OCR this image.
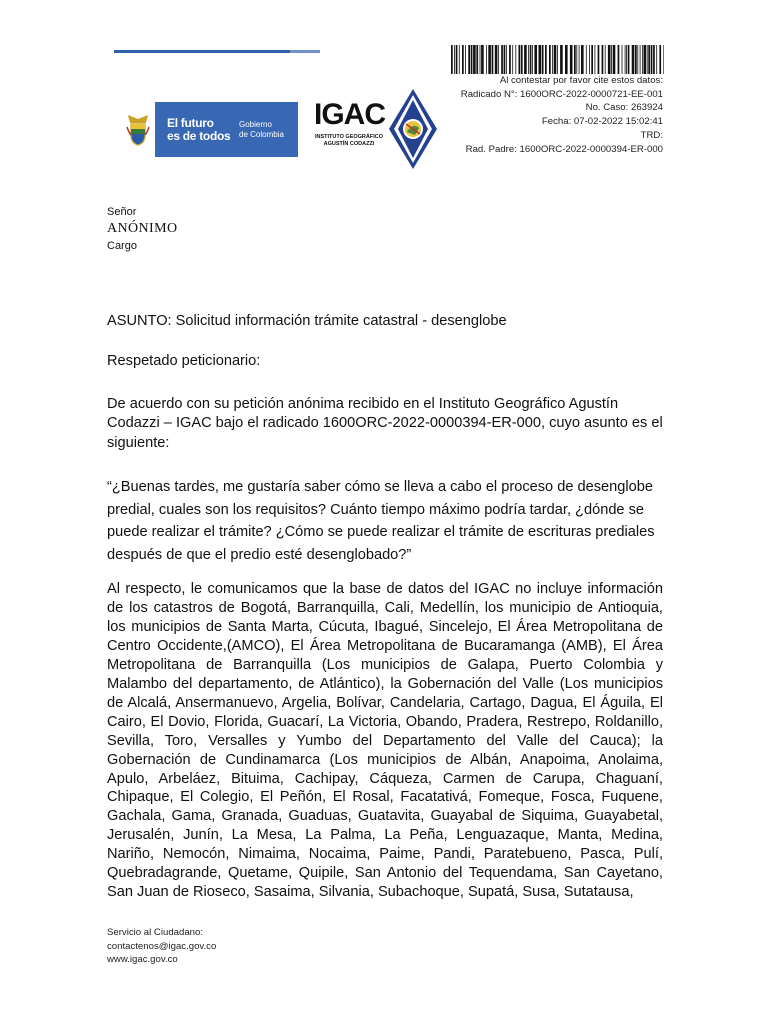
Al contestar por favor cite estos datos:
Radicado N°: 1600ORC-2022-0000721-EE-001
No. Caso: 263924
Fecha: 07-02-2022 15:02:41
TRD:
Rad. Padre: 1600ORC-2022-0000394-ER-000
El futuro
es de todos
Gobierno
de Colombia
IGAC
INSTITUTO GEOGRÁFICO
AGUSTÍN CODAZZI
Señor
ANÓNIMO
Cargo

ASUNTO: Solicitud información trámite catastral - desenglobe

Respetado peticionario:

De acuerdo con su petición anónima recibido en el Instituto Geográfico Agustín Codazzi – IGAC bajo el radicado 1600ORC-2022-0000394-ER-000, cuyo asunto es el siguiente:

“¿Buenas tardes, me gustaría saber cómo se lleva a cabo el proceso de desenglobe predial, cuales son los requisitos? Cuánto tiempo máximo podría tardar, ¿dónde se puede realizar el trámite? ¿Cómo se puede realizar el trámite de escrituras prediales después de que el predio esté desenglobado?”

Al respecto, le comunicamos que la base de datos del IGAC no incluye información de los catastros de Bogotá, Barranquilla, Cali, Medellín, los municipio de Antioquia, los municipios de Santa Marta, Cúcuta, Ibagué, Sincelejo, El Área Metropolitana de Centro Occidente,(AMCO), El Área Metropolitana de Bucaramanga (AMB), El Área Metropolitana de Barranquilla (Los municipios de Galapa, Puerto Colombia y Malambo del departamento, de Atlántico), la Gobernación del Valle (Los municipios de Alcalá, Ansermanuevo, Argelia, Bolívar, Candelaria, Cartago, Dagua, El Águila, El Cairo, El Dovio, Florida, Guacarí, La Victoria, Obando, Pradera, Restrepo, Roldanillo, Sevilla, Toro, Versalles y Yumbo del Departamento del Valle del Cauca); la Gobernación de Cundinamarca (Los municipios de Albán, Anapoima, Anolaima, Apulo, Arbeláez, Bituima, Cachipay, Cáqueza, Carmen de Carupa, Chaguaní, Chipaque, El Colegio, El Peñón, El Rosal, Facatativá, Fomeque, Fosca, Fuquene, Gachala, Gama, Granada, Guaduas, Guatavita, Guayabal de Siquima, Guayabetal, Jerusalén, Junín, La Mesa, La Palma, La Peña, Lenguazaque, Manta, Medina, Nariño, Nemocón, Nimaima, Nocaima, Paime, Pandi, Paratebueno, Pasca, Pulí, Quebradagrande, Quetame, Quipile, San Antonio del Tequendama, San Cayetano, San Juan de Rioseco, Sasaima, Silvania, Subachoque, Supatá, Susa, Sutatausa,

Servicio al Ciudadano:
contactenos@igac.gov.co
www.igac.gov.co
